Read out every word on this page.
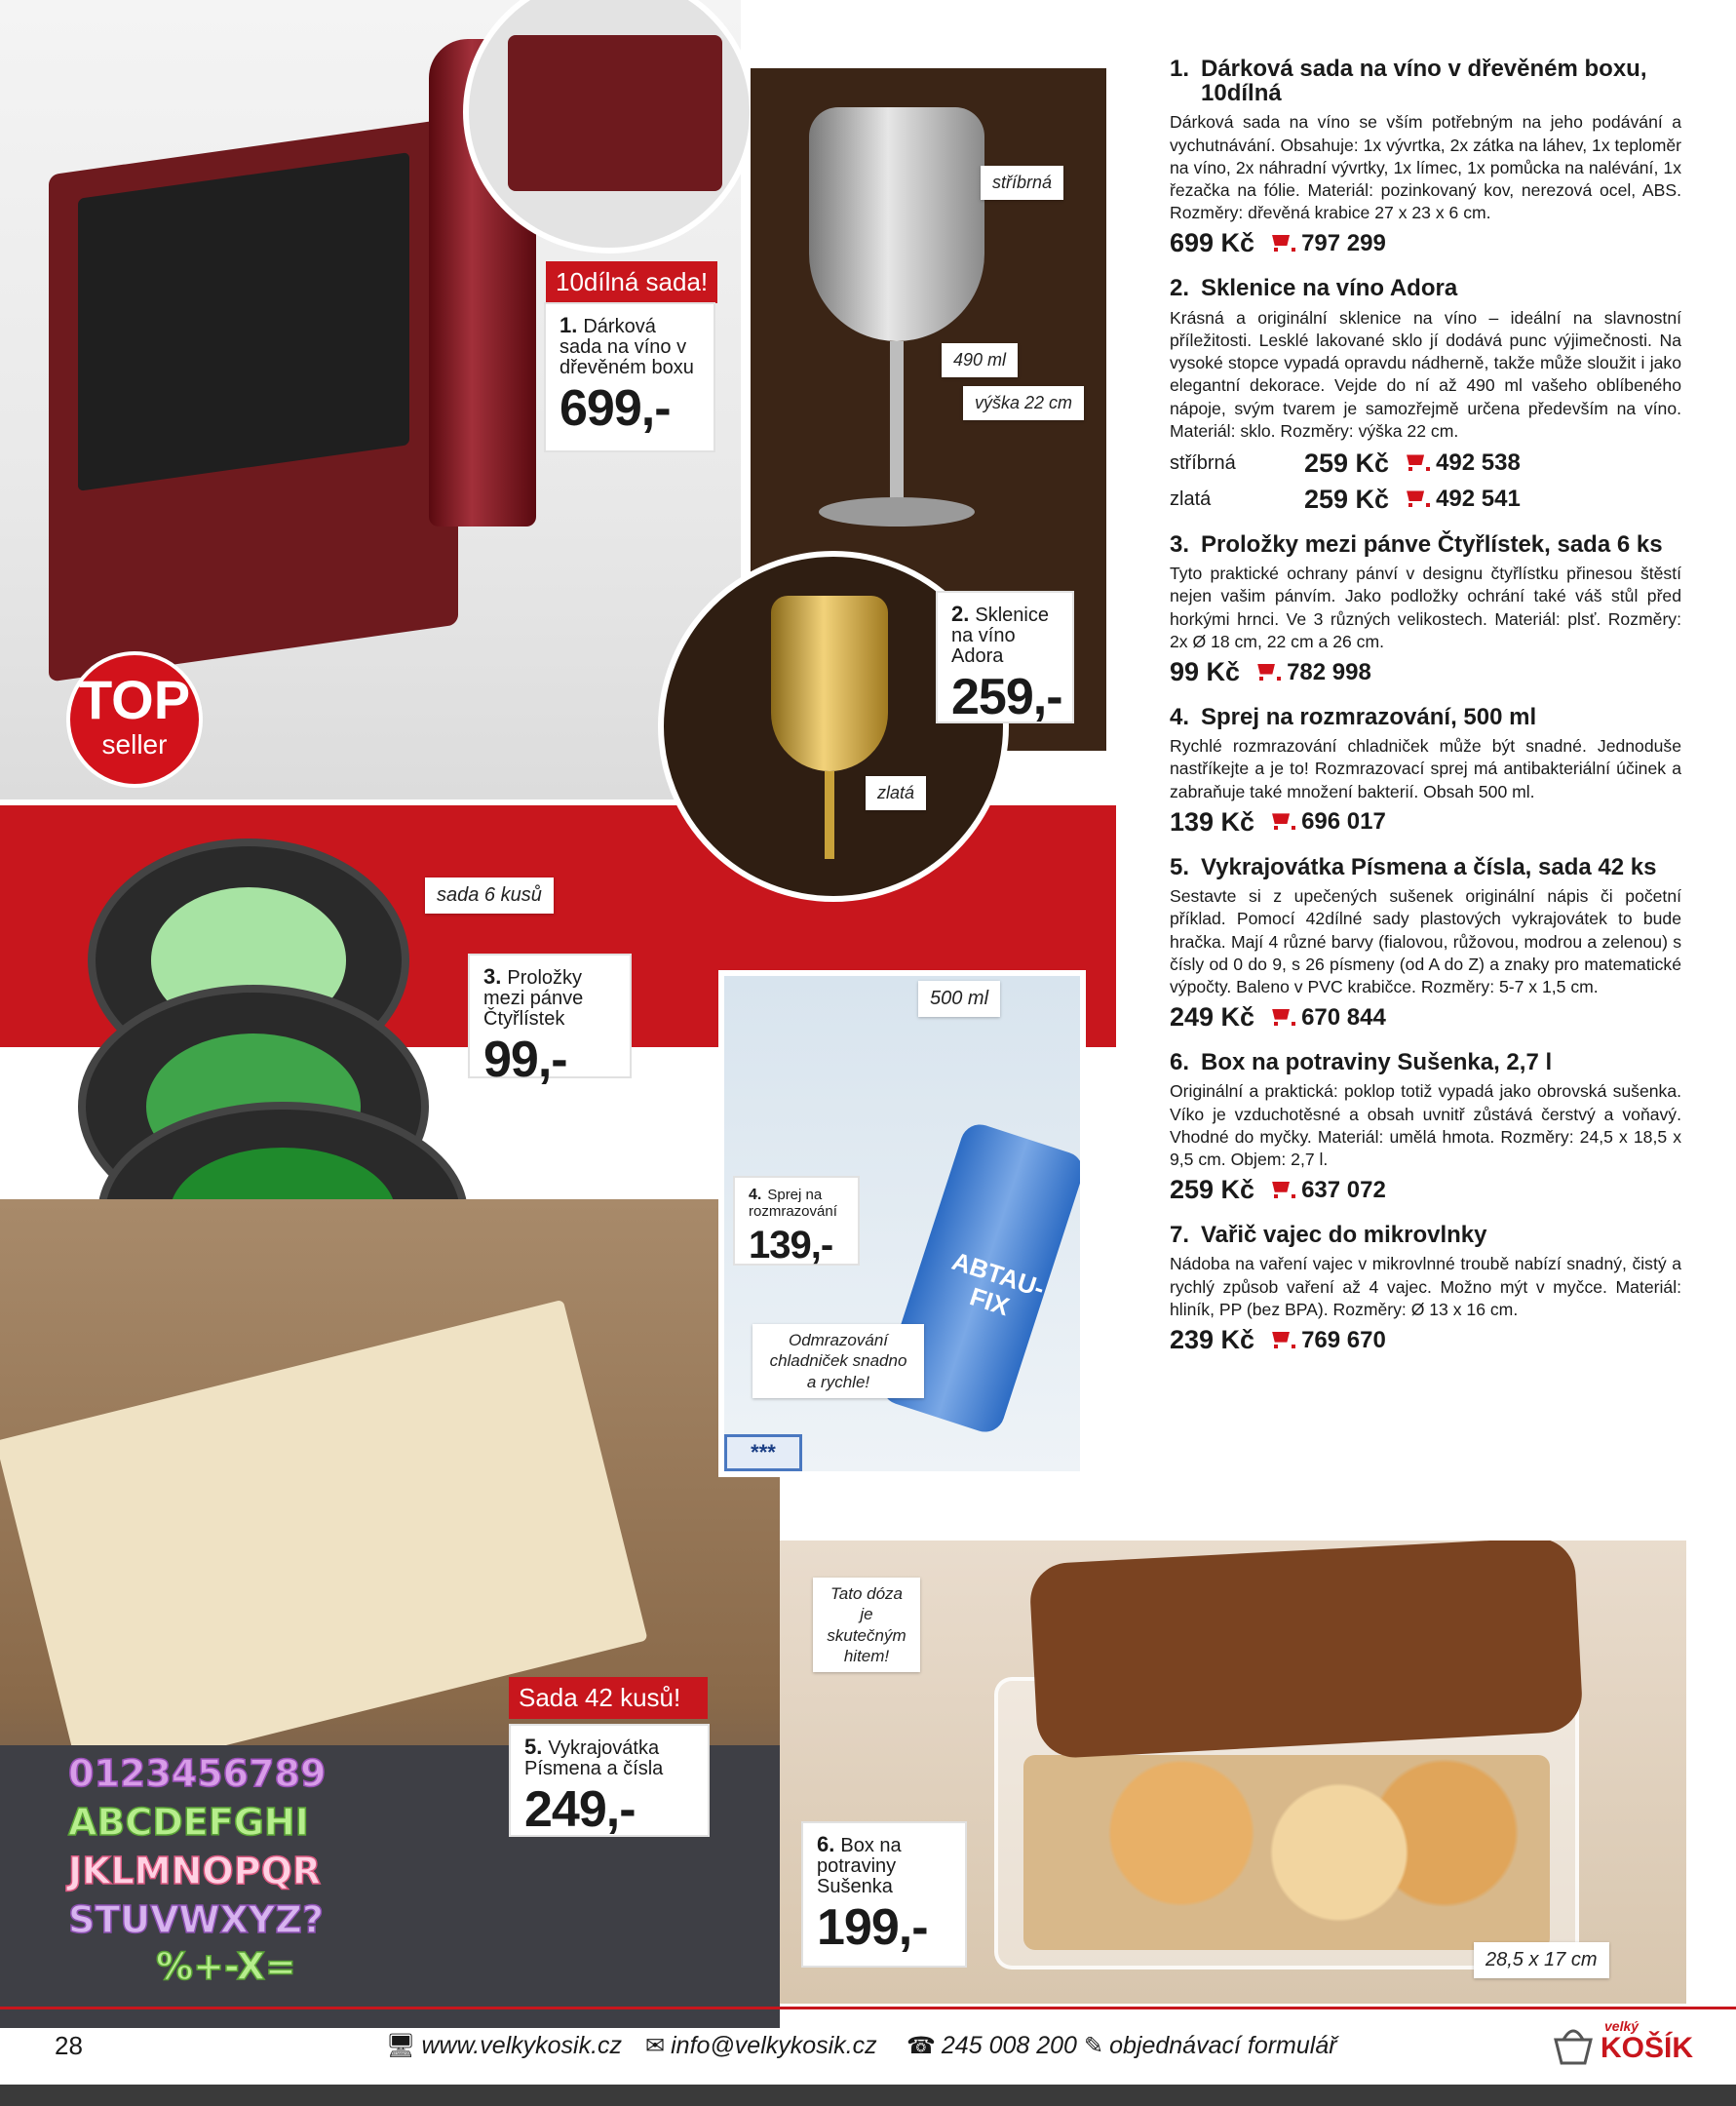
0123456789
ABCDEFGHI
JKLMNOPQR
STUVWXYZ?
%+-X=
ABTAU-FIX
***
10dílná sada!
1. Dárková sada na víno v dřevěném boxu
699,-
TOP
seller
stříbrná
490 ml
výška 22 cm
2. Sklenice na víno Adora
259,-
zlatá
sada 6 kusů
3. Proložky mezi pánve Čtyřlístek
99,-
500 ml
4. Sprej na rozmrazování
139,-
Odmrazování chladniček snadno a rychle!
Sada 42 kusů!
5. Vykrajovátka Písmena a čísla
249,-
Tato dóza je skutečným hitem!
6. Box na potraviny Sušenka
199,-
28,5 x 17 cm
1. Dárková sada na víno v dřevěném boxu, 10dílná

Dárková sada na víno se vším potřebným na jeho podávání a vychutnávání. Obsahuje: 1x vývrtka, 2x zátka na láhev, 1x teploměr na víno, 2x náhradní vývrtky, 1x límec, 1x pomůcka na nalévání, 1x řezačka na fólie. Materiál: pozinkovaný kov, nerezová ocel, ABS. Rozměry: dřevěná krabice 27 x 23 x 6 cm.

699 Kč 797 299
2. Sklenice na víno Adora

Krásná a originální sklenice na víno – ideální na slavnostní příležitosti. Lesklé lakované sklo jí dodává punc výjimečnosti. Na vysoké stopce vypadá opravdu nádherně, takže může sloužit i jako elegantní dekorace. Vejde do ní až 490 ml vašeho oblíbeného nápoje, svým tvarem je samozřejmě určena především na víno. Materiál: sklo. Rozměry: výška 22 cm.

stříbrná	259 Kč 492 538
zlatá	259 Kč 492 541
3. Proložky mezi pánve Čtyřlístek, sada 6 ks

Tyto praktické ochrany pánví v designu čtyřlístku přinesou štěstí nejen vašim pánvím. Jako podložky ochrání také váš stůl před horkými hrnci. Ve 3 různých velikostech. Materiál: plsť. Rozměry: 2x Ø 18 cm, 22 cm a 26 cm.

99 Kč 782 998
4. Sprej na rozmrazování, 500 ml

Rychlé rozmrazování chladniček může být snadné. Jednoduše nastříkejte a je to! Rozmrazovací sprej má antibakteriální účinek a zabraňuje také množení bakterií. Obsah 500 ml.

139 Kč 696 017
5. Vykrajovátka Písmena a čísla, sada 42 ks

Sestavte si z upečených sušenek originální nápis či početní příklad. Pomocí 42dílné sady plastových vykrajovátek to bude hračka. Mají 4 různé barvy (fialovou, růžovou, modrou a zelenou) s čísly od 0 do 9, s 26 písmeny (od A do Z) a znaky pro matematické výpočty. Baleno v PVC krabičce. Rozměry: 5-7 x 1,5 cm.

249 Kč 670 844
6. Box na potraviny Sušenka, 2,7 l

Originální a praktická: poklop totiž vypadá jako obrovská sušenka. Víko je vzduchotěsné a obsah uvnitř zůstává čerstvý a voňavý. Vhodné do myčky. Materiál: umělá hmota. Rozměry: 24,5 x 18,5 x 9,5 cm. Objem: 2,7 l.

259 Kč 637 072
7. Vařič vajec do mikrovlnky

Nádoba na vaření vajec v mikrovlnné troubě nabízí snadný, čistý a rychlý způsob vaření až 4 vajec. Možno mýt v myčce. Materiál: hliník, PP (bez BPA). Rozměry: Ø 13 x 16 cm.

239 Kč 769 670
28	🖥 www.velkykosik.cz ✉ info@velkykosik.cz ☎ 245 008 200 ✎ objednávací formulář
velký
KOŠÍK
